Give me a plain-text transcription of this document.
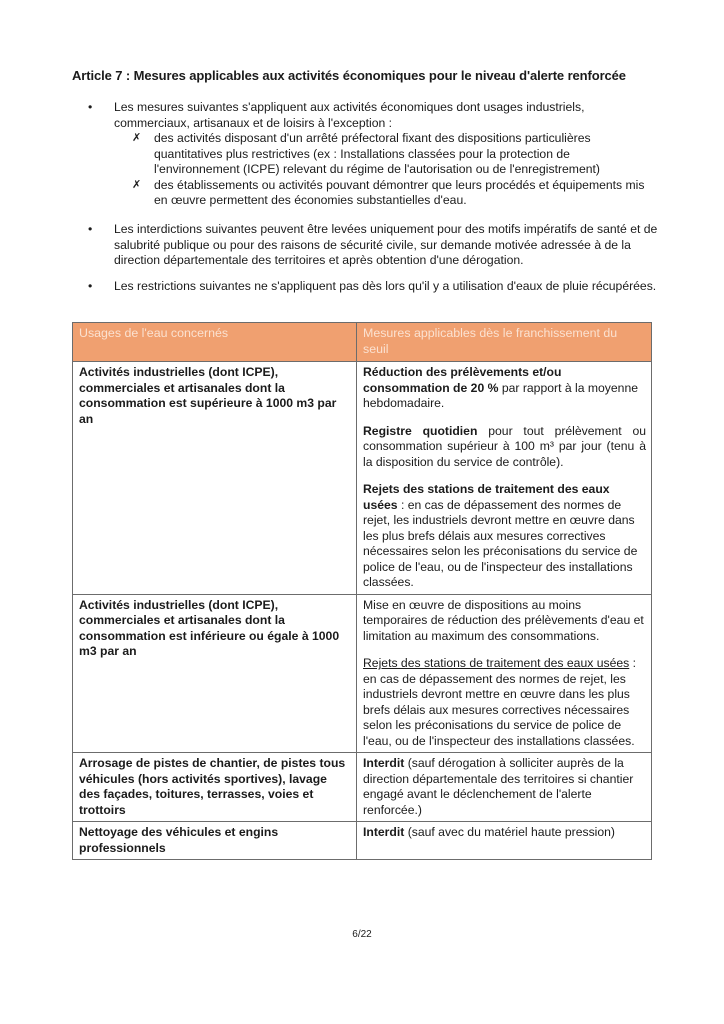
Article 7 : Mesures applicables aux activités économiques pour le niveau d'alerte renforcée
• Les mesures suivantes s'appliquent aux activités économiques dont usages industriels, commerciaux, artisanaux et de loisirs à l'exception :
✗ des activités disposant d'un arrêté préfectoral fixant des dispositions particulières quantitatives plus restrictives (ex : Installations classées pour la protection de l'environnement (ICPE) relevant du régime de l'autorisation ou de l'enregistrement)
✗ des établissements ou activités pouvant démontrer que leurs procédés et équipements mis en œuvre permettent des économies substantielles d'eau.
• Les interdictions suivantes peuvent être levées uniquement pour des motifs impératifs de santé et de salubrité publique ou pour des raisons de sécurité civile, sur demande motivée adressée à de la direction départementale des territoires et après obtention d'une dérogation.
• Les restrictions suivantes ne s'appliquent pas dès lors qu'il y a utilisation d'eaux de pluie récupérées.
Usages de l'eau concernés	Mesures applicables dès le franchissement du seuil
Activités industrielles (dont ICPE), commerciales et artisanales dont la consommation est supérieure à 1000 m3 par an	Réduction des prélèvements et/ou consommation de 20 % par rapport à la moyenne hebdomadaire.
Registre quotidien pour tout prélèvement ou consommation supérieur à 100 m³ par jour (tenu à la disposition du service de contrôle).
Rejets des stations de traitement des eaux usées : en cas de dépassement des normes de rejet, les industriels devront mettre en œuvre dans les plus brefs délais aux mesures correctives nécessaires selon les préconisations du service de police de l'eau, ou de l'inspecteur des installations classées.

Activités industrielles (dont ICPE), commerciales et artisanales dont la consommation est inférieure ou égale à 1000 m3 par an	Mise en œuvre de dispositions au moins temporaires de réduction des prélèvements d'eau et limitation au maximum des consommations.
Rejets des stations de traitement des eaux usées : en cas de dépassement des normes de rejet, les industriels devront mettre en œuvre dans les plus brefs délais aux mesures correctives nécessaires selon les préconisations du service de police de l'eau, ou de l'inspecteur des installations classées.

Arrosage de pistes de chantier, de pistes tous véhicules (hors activités sportives), lavage des façades, toitures, terrasses, voies et trottoirs	Interdit (sauf dérogation à solliciter auprès de la direction départementale des territoires si chantier engagé avant le déclenchement de l'alerte renforcée.)
Nettoyage des véhicules et engins professionnels	Interdit (sauf avec du matériel haute pression)
6/22
